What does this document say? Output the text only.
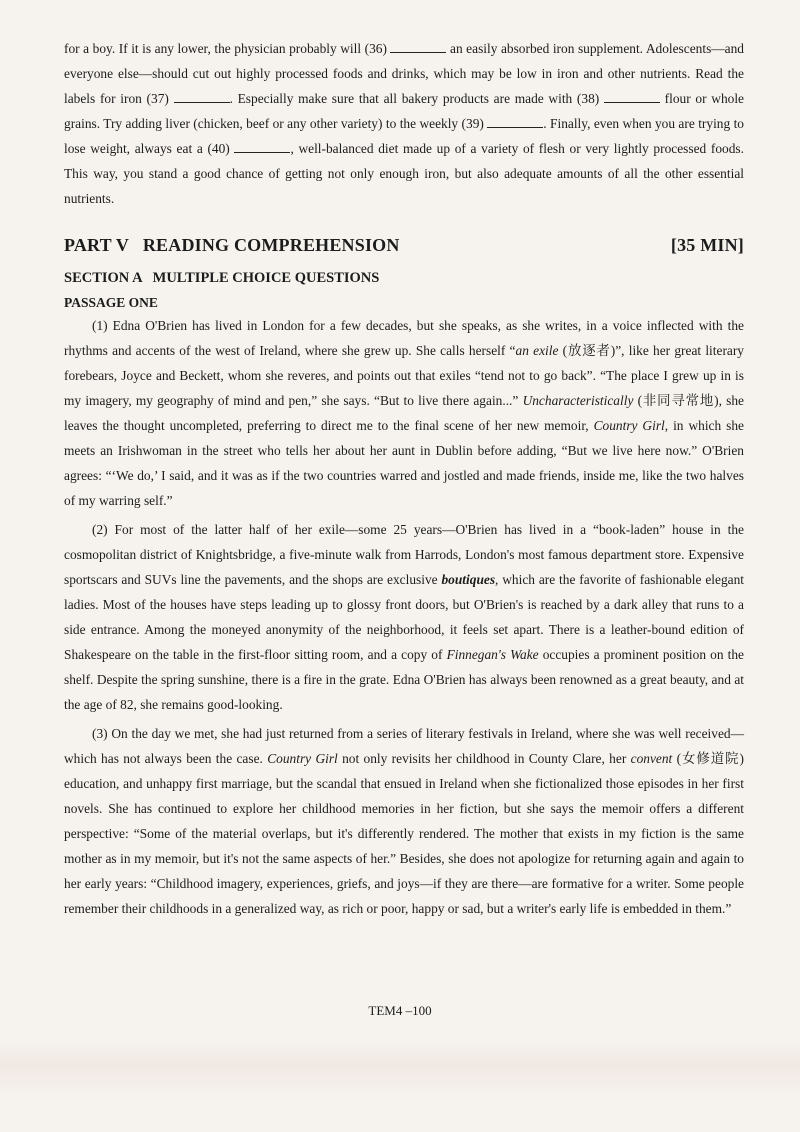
for a boy. If it is any lower, the physician probably will (36)	an easily absorbed iron supplement. Adolescents—and everyone else—should cut out highly processed foods and drinks, which may be low in iron and other nutrients. Read the labels for iron (37)	. Especially make sure that all bakery products are made with (38)	flour or whole grains. Try adding liver (chicken, beef or any other variety) to the weekly (39)	. Finally, even when you are trying to lose weight, always eat a (40)	, well-balanced diet made up of a variety of flesh or very lightly processed foods. This way, you stand a good chance of getting not only enough iron, but also adequate amounts of all the other essential nutrients.

PART V   READING COMPREHENSION	[35 MIN]
SECTION A   MULTIPLE CHOICE QUESTIONS
PASSAGE ONE

(1) Edna O'Brien has lived in London for a few decades, but she speaks, as she writes, in a voice inflected with the rhythms and accents of the west of Ireland, where she grew up. She calls herself “an exile (放逐者)”, like her great literary forebears, Joyce and Beckett, whom she reveres, and points out that exiles “tend not to go back”. “The place I grew up in is my imagery, my geography of mind and pen,” she says. “But to live there again...” Uncharacteristically (非同寻常地), she leaves the thought uncompleted, preferring to direct me to the final scene of her new memoir, Country Girl, in which she meets an Irishwoman in the street who tells her about her aunt in Dublin before adding, “But we live here now.” O'Brien agrees: “‘We do,’ I said, and it was as if the two countries warred and jostled and made friends, inside me, like the two halves of my warring self.”

(2) For most of the latter half of her exile—some 25 years—O'Brien has lived in a “book-laden” house in the cosmopolitan district of Knightsbridge, a five-minute walk from Harrods, London's most famous department store. Expensive sportscars and SUVs line the pavements, and the shops are exclusive boutiques, which are the favorite of fashionable elegant ladies. Most of the houses have steps leading up to glossy front doors, but O'Brien's is reached by a dark alley that runs to a side entrance. Among the moneyed anonymity of the neighborhood, it feels set apart. There is a leather-bound edition of Shakespeare on the table in the first-floor sitting room, and a copy of Finnegan's Wake occupies a prominent position on the shelf. Despite the spring sunshine, there is a fire in the grate. Edna O'Brien has always been renowned as a great beauty, and at the age of 82, she remains good-looking.

(3) On the day we met, she had just returned from a series of literary festivals in Ireland, where she was well received—which has not always been the case. Country Girl not only revisits her childhood in County Clare, her convent (女修道院) education, and unhappy first marriage, but the scandal that ensued in Ireland when she fictionalized those episodes in her first novels. She has continued to explore her childhood memories in her fiction, but she says the memoir offers a different perspective: “Some of the material overlaps, but it's differently rendered. The mother that exists in my fiction is the same mother as in my memoir, but it's not the same aspects of her.” Besides, she does not apologize for returning again and again to her early years: “Childhood imagery, experiences, griefs, and joys—if they are there—are formative for a writer. Some people remember their childhoods in a generalized way, as rich or poor, happy or sad, but a writer's early life is embedded in them.”

TEM4 –100
